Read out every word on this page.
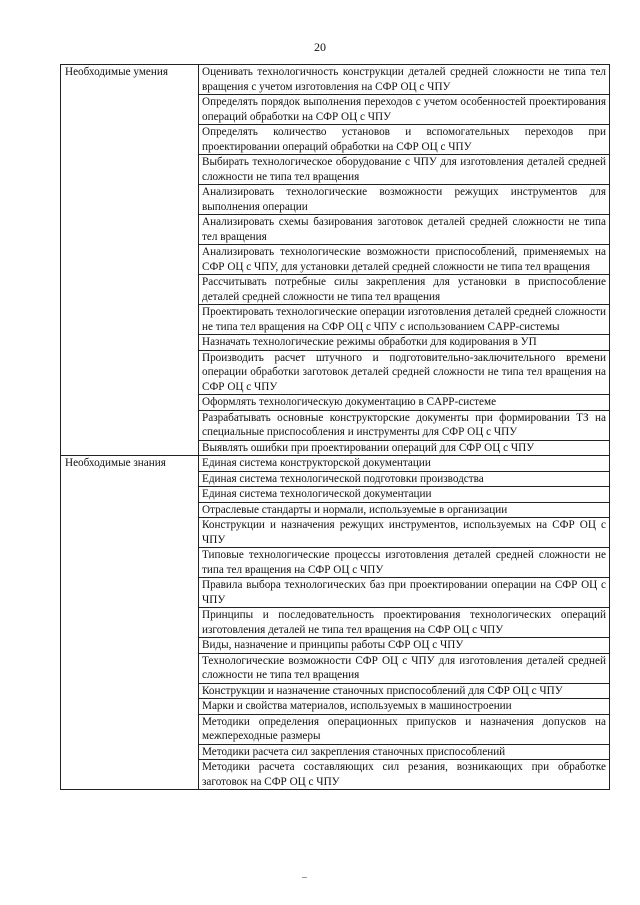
20
Необходимые умения	Оценивать технологичность конструкции деталей средней сложности не типа тел вращения с учетом изготовления на СФР ОЦ с ЧПУ
	Определять порядок выполнения переходов с учетом особенностей проектирования операций обработки на СФР ОЦ с ЧПУ
	Определять количество установов и вспомогательных переходов при проектировании операций обработки на СФР ОЦ с ЧПУ
	Выбирать технологическое оборудование с ЧПУ для изготовления деталей средней сложности не типа тел вращения
	Анализировать технологические возможности режущих инструментов для выполнения операции
	Анализировать схемы базирования заготовок деталей средней сложности не типа тел вращения
	Анализировать технологические возможности приспособлений, применяемых на СФР ОЦ с ЧПУ, для установки деталей средней сложности не типа тел вращения
	Рассчитывать потребные силы закрепления для установки в приспособление деталей средней сложности не типа тел вращения
	Проектировать технологические операции изготовления деталей средней сложности не типа тел вращения на СФР ОЦ с ЧПУ с использованием CAPP-системы
	Назначать технологические режимы обработки для кодирования в УП
	Производить расчет штучного и подготовительно-заключительного времени операции обработки заготовок деталей средней сложности не типа тел вращения на СФР ОЦ с ЧПУ
	Оформлять технологическую документацию в CAPP-системе
	Разрабатывать основные конструкторские документы при формировании ТЗ на специальные приспособления и инструменты для СФР ОЦ с ЧПУ
	Выявлять ошибки при проектировании операций для СФР ОЦ с ЧПУ
Необходимые знания	Единая система конструкторской документации
	Единая система технологической подготовки производства
	Единая система технологической документации
	Отраслевые стандарты и нормали, используемые в организации
	Конструкции и назначения режущих инструментов, используемых на СФР ОЦ с ЧПУ
	Типовые технологические процессы изготовления деталей средней сложности не типа тел вращения на СФР ОЦ с ЧПУ
	Правила выбора технологических баз при проектировании операции на СФР ОЦ с ЧПУ
	Принципы и последовательность проектирования технологических операций изготовления деталей не типа тел вращения на СФР ОЦ с ЧПУ
	Виды, назначение и принципы работы СФР ОЦ с ЧПУ
	Технологические возможности СФР ОЦ с ЧПУ для изготовления деталей средней сложности не типа тел вращения
	Конструкции и назначение станочных приспособлений для СФР ОЦ с ЧПУ
	Марки и свойства материалов, используемых в машиностроении
	Методики определения операционных припусков и назначения допусков на межпереходные размеры
	Методики расчета сил закрепления станочных приспособлений
	Методики расчета составляющих сил резания, возникающих при обработке заготовок на СФР ОЦ с ЧПУ
